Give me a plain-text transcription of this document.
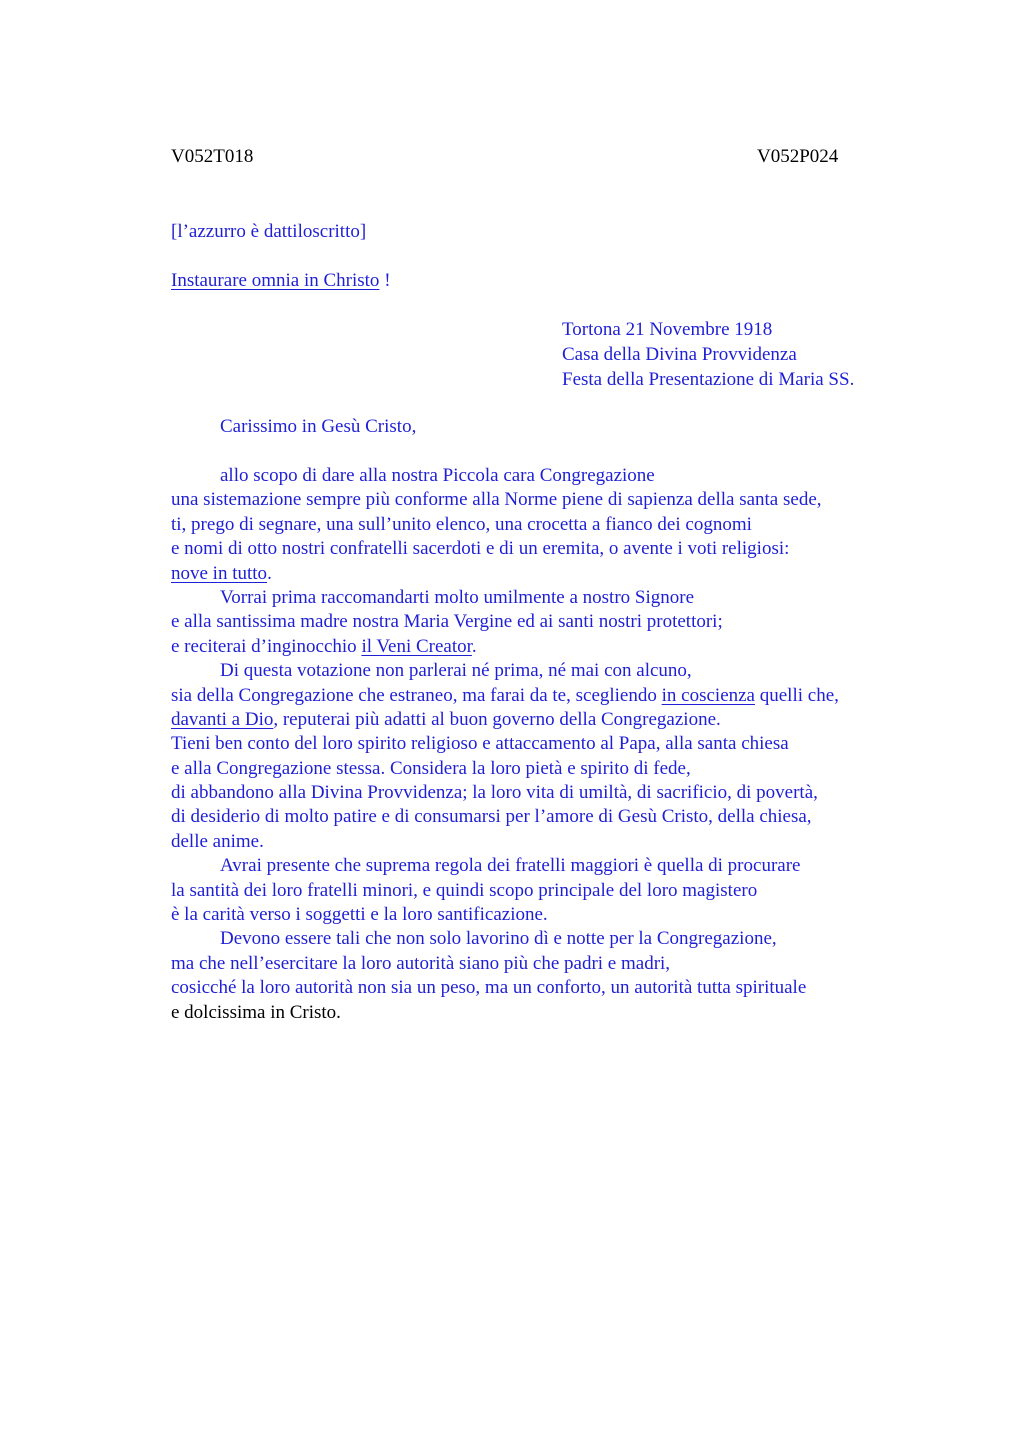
V052T018	V052P024
[l’azzurro è dattiloscritto]
Instaurare omnia in Christo !
Tortona 21 Novembre 1918
Casa della Divina Provvidenza
Festa della Presentazione di Maria SS.
Carissimo in Gesù Cristo,
allo scopo di dare alla nostra Piccola cara Congregazione
una sistemazione sempre più conforme alla Norme piene di sapienza della santa sede,
ti, prego di segnare, una sull’unito elenco, una crocetta a fianco dei cognomi
e nomi di otto nostri confratelli sacerdoti e di un eremita, o avente i voti religiosi:
nove in tutto.
Vorrai prima raccomandarti molto umilmente a nostro Signore
e alla santissima madre nostra Maria Vergine ed ai santi nostri protettori;
e reciterai d’inginocchio il Veni Creator.
Di questa votazione non parlerai né prima, né mai con alcuno,
sia della Congregazione che estraneo, ma farai da te, scegliendo in coscienza quelli che,
davanti a Dio, reputerai più adatti al buon governo della Congregazione.
Tieni ben conto del loro spirito religioso e attaccamento al Papa, alla santa chiesa
e alla Congregazione stessa. Considera la loro pietà e spirito di fede,
di abbandono alla Divina Provvidenza; la loro vita di umiltà, di sacrificio, di povertà,
di desiderio di molto patire e di consumarsi per l’amore di Gesù Cristo, della chiesa,
delle anime.
Avrai presente che suprema regola dei fratelli maggiori è quella di procurare
la santità dei loro fratelli minori, e quindi scopo principale del loro magistero
è la carità verso i soggetti e la loro santificazione.
Devono essere tali che non solo lavorino dì e notte per la Congregazione,
ma che nell’esercitare la loro autorità siano più che padri e madri,
cosicché la loro autorità non sia un peso, ma un conforto, un autorità tutta spirituale
e dolcissima in Cristo.
